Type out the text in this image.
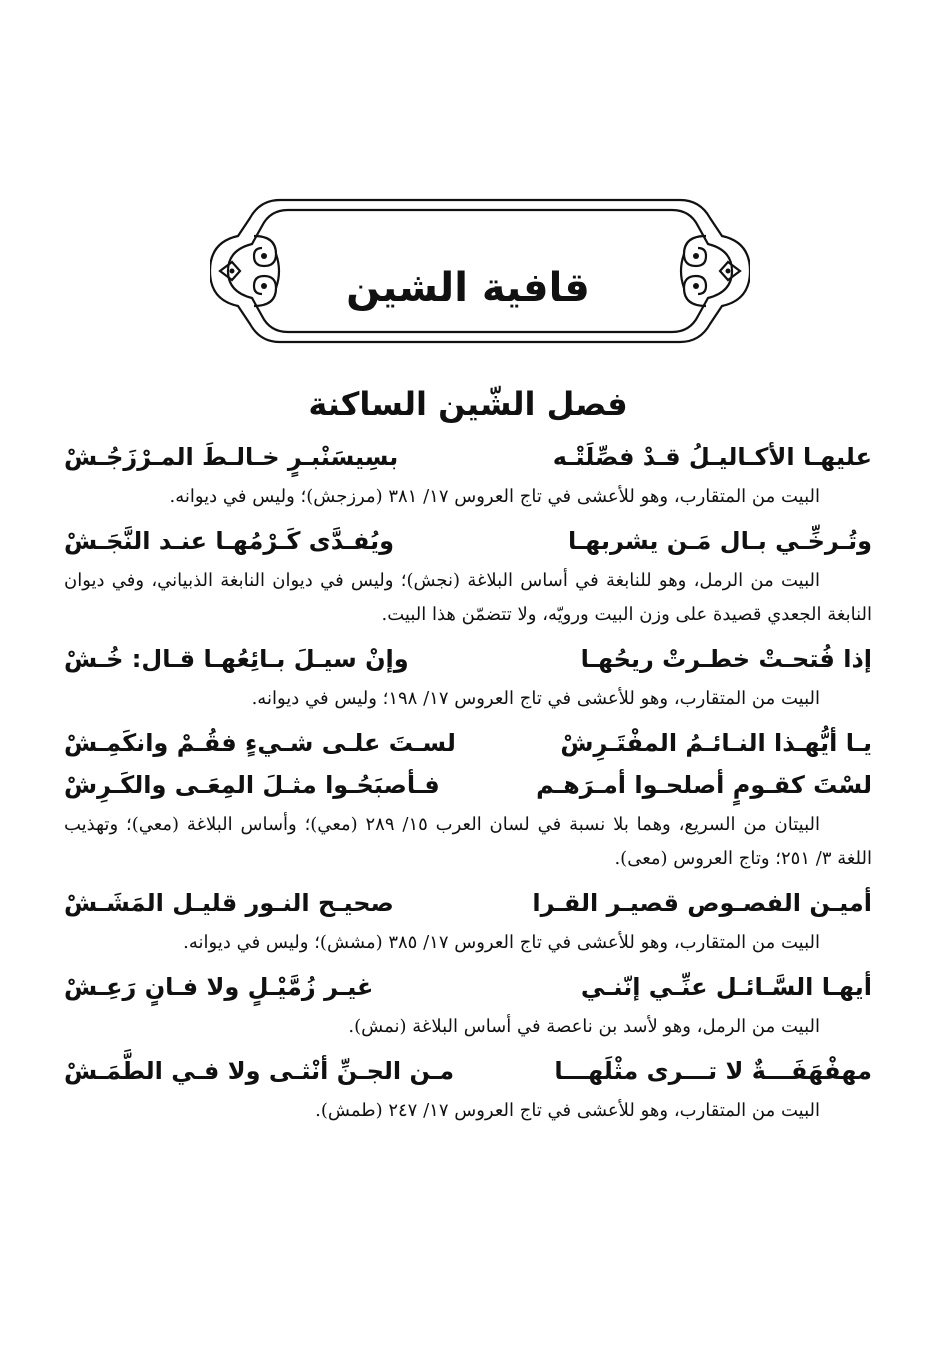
قافية الشين
فصل الشّين الساكنة
عليهـا الأكـاليـلُ قـدْ فصِّلَتْـه
بسِيسَنْبـرٍ خـالـطَ المـرْزَجُـشْ
البيت من المتقارب، وهو للأعشى في تاج العروس ١٧/ ٣٨١ (مرزجش)؛ وليس في ديوانه.
وتُـرخِّـي بـال مَـن يشربهـا
ويُفـدَّى كَـرْمُهـا عنـد النَّجَـشْ
البيت من الرمل، وهو للنابغة في أساس البلاغة (نجش)؛ وليس في ديوان النابغة الذبياني، وفي ديوان النابغة الجعدي قصيدة على وزن البيت ورويّه، ولا تتضمّن هذا البيت.
إذا فُتحـتْ خطـرتْ ريحُهـا
وإنْ سيـلَ بـائِعُهـا قـال: خُـشْ
البيت من المتقارب، وهو للأعشى في تاج العروس ١٧/ ١٩٨؛ وليس في ديوانه.
يـا أيُّهـذا النـائـمُ المفْتَـرِشْ
لسـتَ علـى شـيءٍ فقُـمْ وانكَمِـشْ
لسْتَ كقـومٍ أصلحـوا أمـرَهـم
فـأصبَحُـوا مثـلَ المِعَـى والكَـرِشْ
البيتان من السريع، وهما بلا نسبة في لسان العرب ١٥/ ٢٨٩ (معي)؛ وأساس البلاغة (معي)؛ وتهذيب اللغة ٣/ ٢٥١؛ وتاج العروس (معى).
أميـن الفصـوص قصيـر القـرا
صحيـح النـور قليـل المَشَـشْ
البيت من المتقارب، وهو للأعشى في تاج العروس ١٧/ ٣٨٥ (مشش)؛ وليس في ديوانه.
أيهـا السَّـائـل عنِّـي إنّنـي
غيـر زُمَّيْـلٍ ولا فـانٍ رَعِـشْ
البيت من الرمل، وهو لأسد بن ناعصة في أساس البلاغة (نمش).
مهفْهَفَـــةٌ لا تـــرى مثْلَهـــا
مـن الجـنِّ أنْثـى ولا فـي الطَّمَـشْ
البيت من المتقارب، وهو للأعشى في تاج العروس ١٧/ ٢٤٧ (طمش).
